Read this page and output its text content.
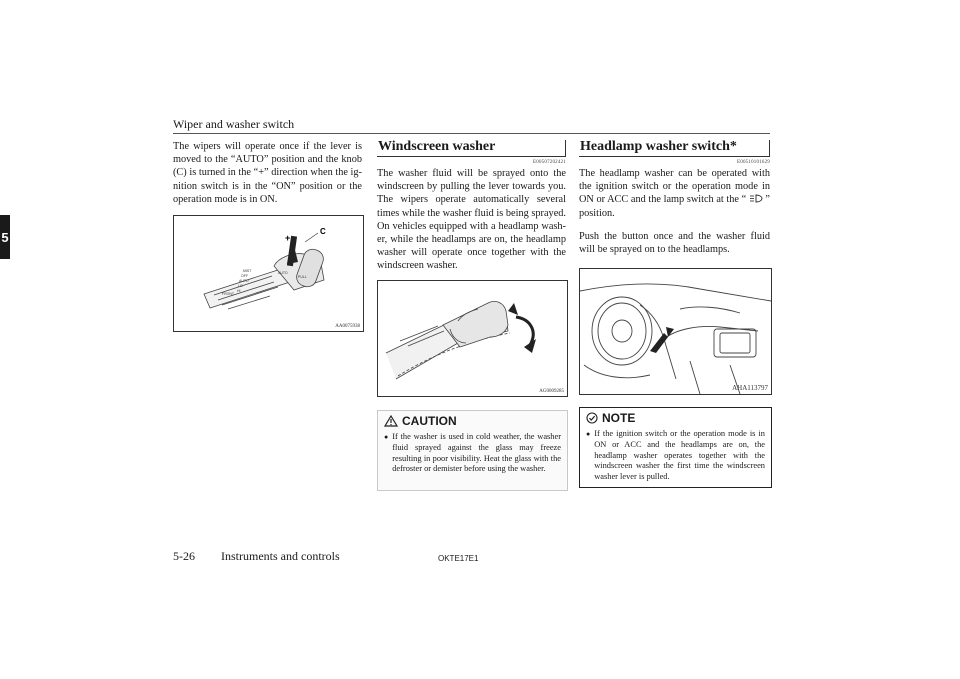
Wiper and washer switch
5
The wipers will operate once if the lever is moved to the “AUTO” position and the knob (C) is turned in the “+” direction when the ig-nition switch is in the “ON” position or the operation mode is in ON.
C
+
MIST
OFF
AUTO
LO
HI
FRONT
AUTO
PULL
AA0075938
Windscreen washer
E00507202421
The washer fluid will be sprayed onto the windscreen by pulling the lever towards you. The wipers operate automatically several times while the washer fluid is being sprayed. On vehicles equipped with a headlamp wash-er, while the headlamps are on, the headlamp washer will operate once together with the windscreen washer.
AG0009285
CAUTION
● If the washer is used in cold weather, the washer fluid sprayed against the glass may freeze resulting in poor visibility. Heat the glass with the defroster or demister before using the washer.
Headlamp washer switch*
E00510101629
The headlamp washer can be operated with the ignition switch or the operation mode in ON or ACC and the lamp switch at the “ ” position.
Push the button once and the washer fluid will be sprayed on to the headlamps.
AHA113797
NOTE
● If the ignition switch or the operation mode is in ON or ACC and the headlamps are on, the headlamp washer operates together with the windscreen washer the first time the windscreen washer lever is pulled.
5-26 Instruments and controls	OKTE17E1
